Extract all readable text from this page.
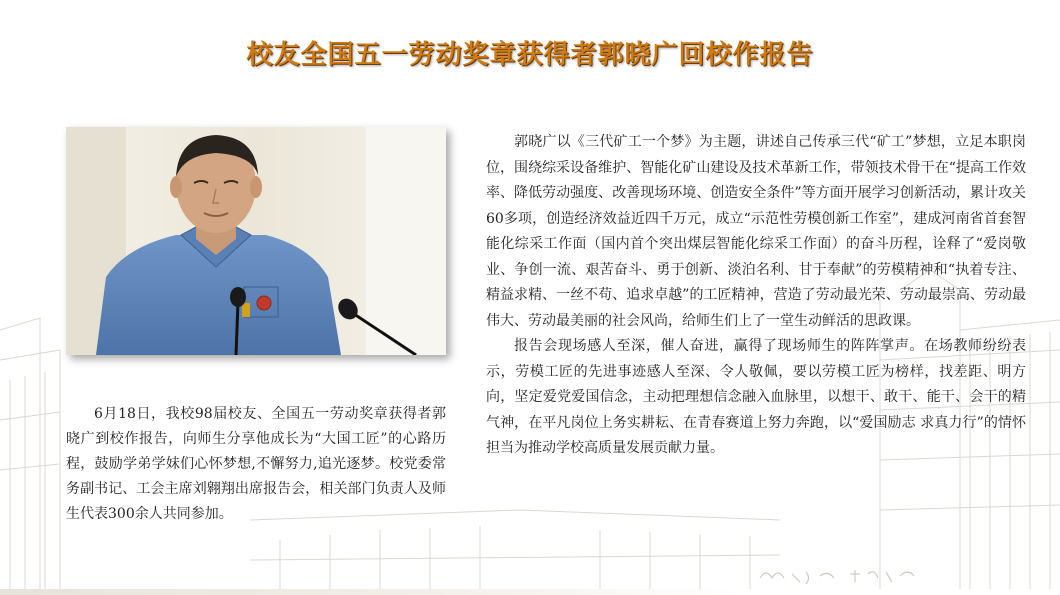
校友全国五一劳动奖章获得者郭晓广回校作报告

6月18日，我校98届校友、全国五一劳动奖章获得者郭晓广到校作报告，向师生分享他成长为“大国工匠”的心路历程，鼓励学弟学妹们心怀梦想,不懈努力,追光逐梦。校党委常务副书记、工会主席刘翱翔出席报告会，相关部门负责人及师生代表300余人共同参加。

郭晓广以《三代矿工一个梦》为主题，讲述自己传承三代“矿工”梦想，立足本职岗位，围绕综采设备维护、智能化矿山建设及技术革新工作，带领技术骨干在“提高工作效率、降低劳动强度、改善现场环境、创造安全条件”等方面开展学习创新活动，累计攻关60多项，创造经济效益近四千万元，成立“示范性劳模创新工作室”，建成河南省首套智能化综采工作面（国内首个突出煤层智能化综采工作面）的奋斗历程，诠释了“爱岗敬业、争创一流、艰苦奋斗、勇于创新、淡泊名利、甘于奉献”的劳模精神和“执着专注、精益求精、一丝不苟、追求卓越”的工匠精神，营造了劳动最光荣、劳动最崇高、劳动最伟大、劳动最美丽的社会风尚，给师生们上了一堂生动鲜活的思政课。

报告会现场感人至深，催人奋进，赢得了现场师生的阵阵掌声。在场教师纷纷表示，劳模工匠的先进事迹感人至深、令人敬佩，要以劳模工匠为榜样，找差距、明方向，坚定爱党爱国信念，主动把理想信念融入血脉里，以想干、敢干、能干、会干的精气神，在平凡岗位上务实耕耘、在青春赛道上努力奔跑，以“爱国励志 求真力行”的情怀担当为推动学校高质量发展贡献力量。
